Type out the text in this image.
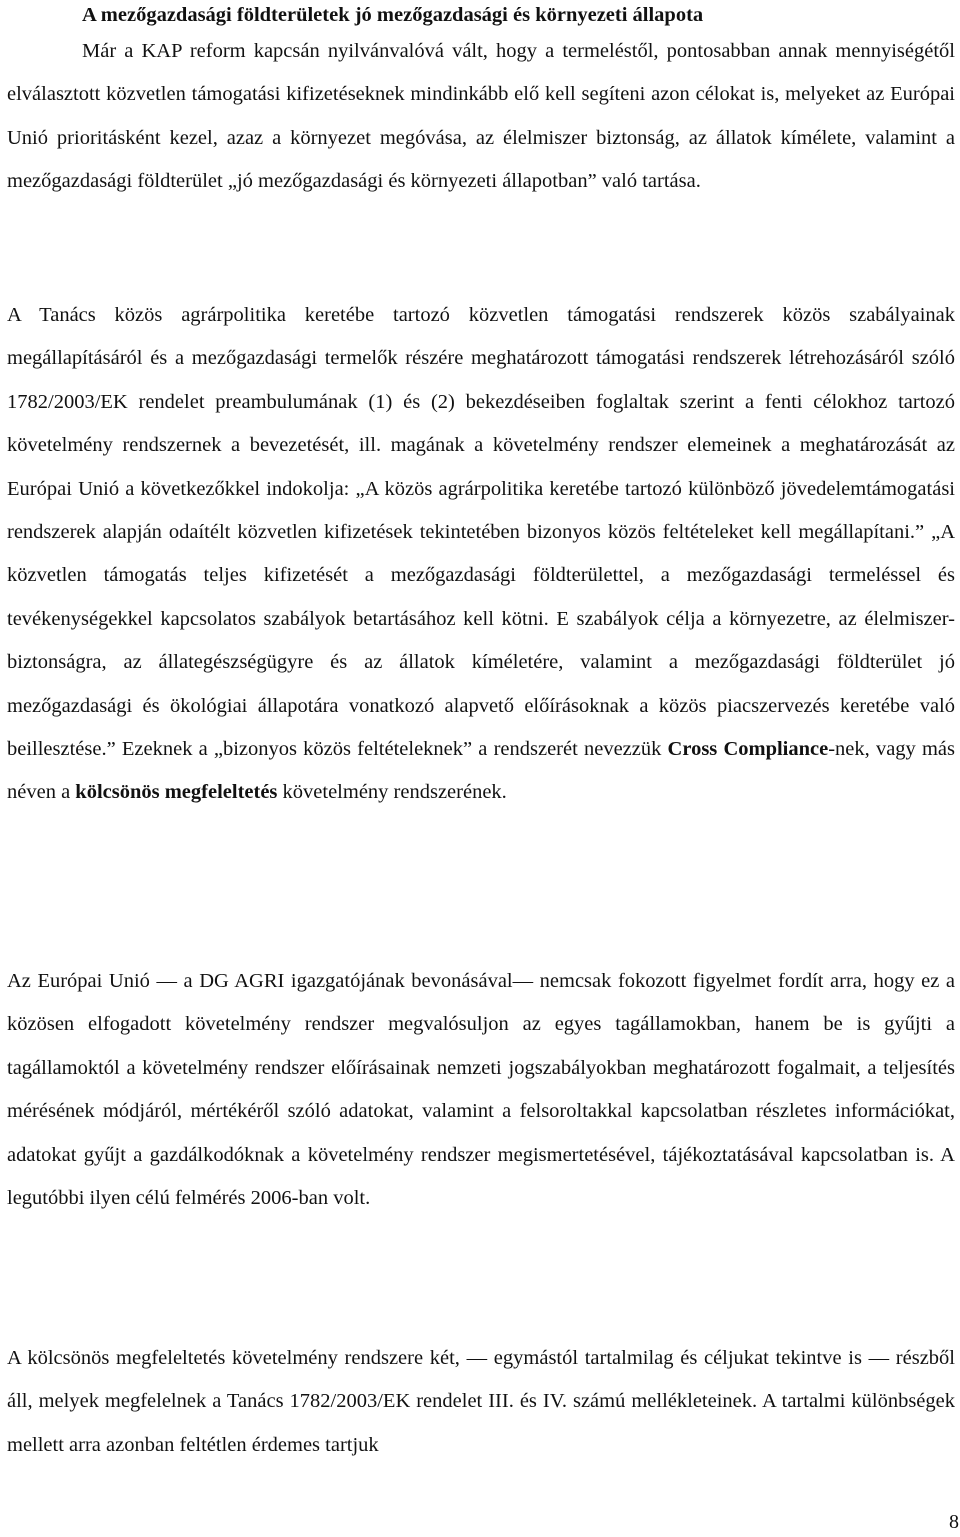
A mezőgazdasági földterületek jó mezőgazdasági és környezeti állapota

Már a KAP reform kapcsán nyilvánvalóvá vált, hogy a termeléstől, pontosabban annak mennyiségétől elválasztott közvetlen támogatási kifizetéseknek mindinkább elő kell segíteni azon célokat is, melyeket az Európai Unió prioritásként kezel, azaz a környezet megóvása, az élelmiszer biztonság, az állatok kímélete, valamint a mezőgazdasági földterület „jó mezőgazdasági és környezeti állapotban” való tartása.

A Tanács közös agrárpolitika keretébe tartozó közvetlen támogatási rendszerek közös szabályainak megállapításáról és a mezőgazdasági termelők részére meghatározott támogatási rendszerek létrehozásáról szóló 1782/2003/EK rendelet preambulumának (1) és (2) bekezdéseiben foglaltak szerint a fenti célokhoz tartozó követelmény rendszernek a bevezetését, ill. magának a követelmény rendszer elemeinek a meghatározását az Európai Unió a következőkkel indokolja: „A közös agrárpolitika keretébe tartozó különböző jövedelemtámogatási rendszerek alapján odaítélt közvetlen kifizetések tekintetében bizonyos közös feltételeket kell megállapítani.” „A közvetlen támogatás teljes kifizetését a mezőgazdasági földterülettel, a mezőgazdasági termeléssel és tevékenységekkel kapcsolatos szabályok betartásához kell kötni. E szabályok célja a környezetre, az élelmiszer- biztonságra, az állategészségügyre és az állatok kíméletére, valamint a mezőgazdasági földterület jó mezőgazdasági és ökológiai állapotára vonatkozó alapvető előírásoknak a közös piacszervezés keretébe való beillesztése.” Ezeknek a „bizonyos közös feltételeknek” a rendszerét nevezzük Cross Compliance-nek, vagy más néven a kölcsönös megfeleltetés követelmény rendszerének.

Az Európai Unió — a DG AGRI igazgatójának bevonásával— nemcsak fokozott figyelmet fordít arra, hogy ez a közösen elfogadott követelmény rendszer megvalósuljon az egyes tagállamokban, hanem be is gyűjti a tagállamoktól a követelmény rendszer előírásainak nemzeti jogszabályokban meghatározott fogalmait, a teljesítés mérésének módjáról, mértékéről szóló adatokat, valamint a felsoroltakkal kapcsolatban részletes információkat, adatokat gyűjt a gazdálkodóknak a követelmény rendszer megismertetésével, tájékoztatásával kapcsolatban is. A legutóbbi ilyen célú felmérés 2006-ban volt.

A kölcsönös megfeleltetés követelmény rendszere két, — egymástól tartalmilag és céljukat tekintve is — részből áll, melyek megfelelnek a Tanács 1782/2003/EK rendelet III. és IV. számú mellékleteinek. A tartalmi különbségek mellett arra azonban feltétlen érdemes tartjuk

8
